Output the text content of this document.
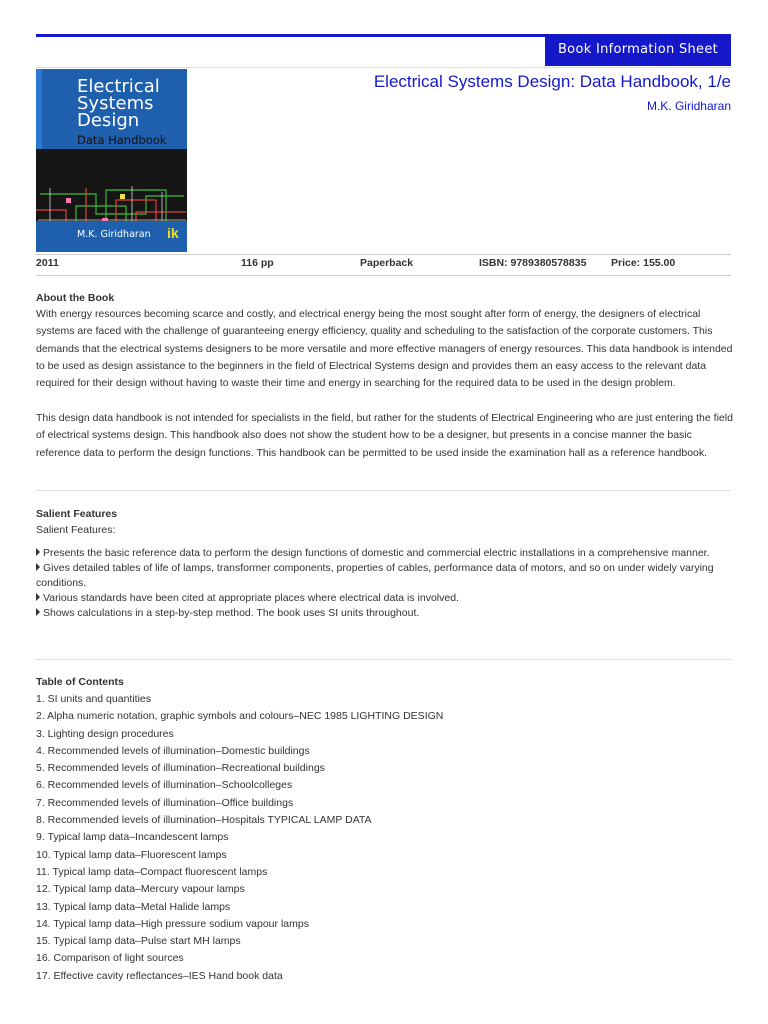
Book Information Sheet
Electrical
Systems
Design
Data Handbook
M.K. Giridharan ik
Electrical Systems Design: Data Handbook, 1/e
M.K. Giridharan
2011	116 pp	Paperback	ISBN: 9789380578835 Price: 155.00
About the Book

With energy resources becoming scarce and costly, and electrical energy being the most sought after form of energy, the designers of electrical systems are faced with the challenge of guaranteeing energy efficiency, quality and scheduling to the satisfaction of the corporate customers. This demands that the electrical systems designers to be more versatile and more effective managers of energy resources. This data handbook is intended to be used as design assistance to the beginners in the field of Electrical Systems design and provides them an easy access to the relevant data required for their design without having to waste their time and energy in searching for the required data to be used in the design problem.

This design data handbook is not intended for specialists in the field, but rather for the students of Electrical Engineering who are just entering the field of electrical systems design. This handbook also does not show the student how to be a designer, but presents in a concise manner the basic reference data to perform the design functions. This handbook can be permitted to be used inside the examination hall as a reference handbook.

Salient Features
Salient Features:
Presents the basic reference data to perform the design functions of domestic and commercial electric installations in a comprehensive manner.
Gives detailed tables of life of lamps, transformer components, properties of cables, performance data of motors, and so on under widely varying conditions.
Various standards have been cited at appropriate places where electrical data is involved.
Shows calculations in a step-by-step method. The book uses SI units throughout.
Table of Contents
1. SI units and quantities
2. Alpha numeric notation, graphic symbols and colours–NEC 1985 LIGHTING DESIGN
3. Lighting design procedures
4. Recommended levels of illumination–Domestic buildings
5. Recommended levels of illumination–Recreational buildings
6. Recommended levels of illumination–Schoolcolleges
7. Recommended levels of illumination–Office buildings
8. Recommended levels of illumination–Hospitals TYPICAL LAMP DATA
9. Typical lamp data–Incandescent lamps
10. Typical lamp data–Fluorescent lamps
11. Typical lamp data–Compact fluorescent lamps
12. Typical lamp data–Mercury vapour lamps
13. Typical lamp data–Metal Halide lamps
14. Typical lamp data–High pressure sodium vapour lamps
15. Typical lamp data–Pulse start MH lamps
16. Comparison of light sources
17. Effective cavity reflectances–IES Hand book data
